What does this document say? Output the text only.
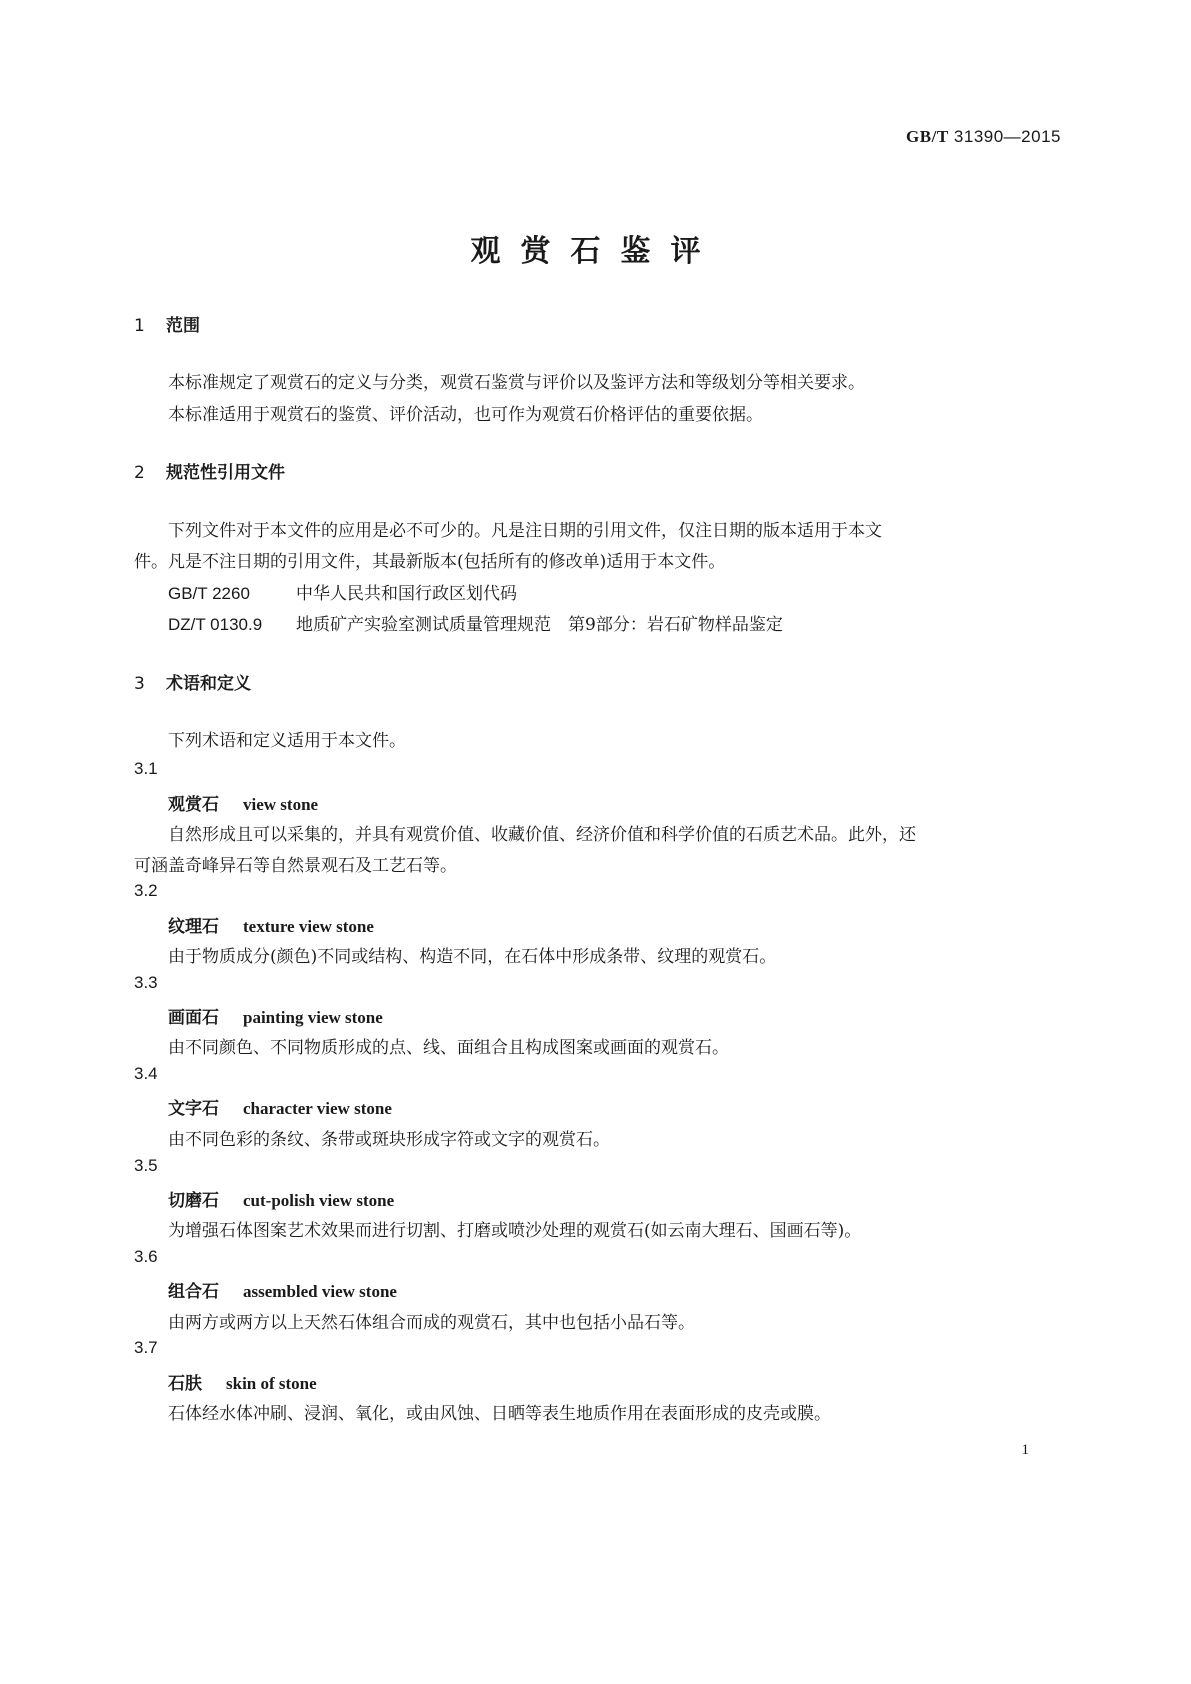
GB/T 31390—2015
观赏石鉴评
1 范围
本标准规定了观赏石的定义与分类，观赏石鉴赏与评价以及鉴评方法和等级划分等相关要求。
本标准适用于观赏石的鉴赏、评价活动，也可作为观赏石价格评估的重要依据。
2 规范性引用文件
下列文件对于本文件的应用是必不可少的。凡是注日期的引用文件，仅注日期的版本适用于本文
件。凡是不注日期的引用文件，其最新版本(包括所有的修改单)适用于本文件。
GB/T 2260	中华人民共和国行政区划代码
DZ/T 0130.9 地质矿产实验室测试质量管理规范　第9部分：岩石矿物样品鉴定
3 术语和定义
下列术语和定义适用于本文件。
3.1
观赏石 view stone
自然形成且可以采集的，并具有观赏价值、收藏价值、经济价值和科学价值的石质艺术品。此外，还
可涵盖奇峰异石等自然景观石及工艺石等。
3.2
纹理石 texture view stone
由于物质成分(颜色)不同或结构、构造不同，在石体中形成条带、纹理的观赏石。
3.3
画面石 painting view stone
由不同颜色、不同物质形成的点、线、面组合且构成图案或画面的观赏石。
3.4
文字石 character view stone
由不同色彩的条纹、条带或斑块形成字符或文字的观赏石。
3.5
切磨石 cut-polish view stone
为增强石体图案艺术效果而进行切割、打磨或喷沙处理的观赏石(如云南大理石、国画石等)。
3.6
组合石 assembled view stone
由两方或两方以上天然石体组合而成的观赏石，其中也包括小品石等。
3.7
石肤 skin of stone
石体经水体冲刷、浸润、氧化，或由风蚀、日晒等表生地质作用在表面形成的皮壳或膜。
1
